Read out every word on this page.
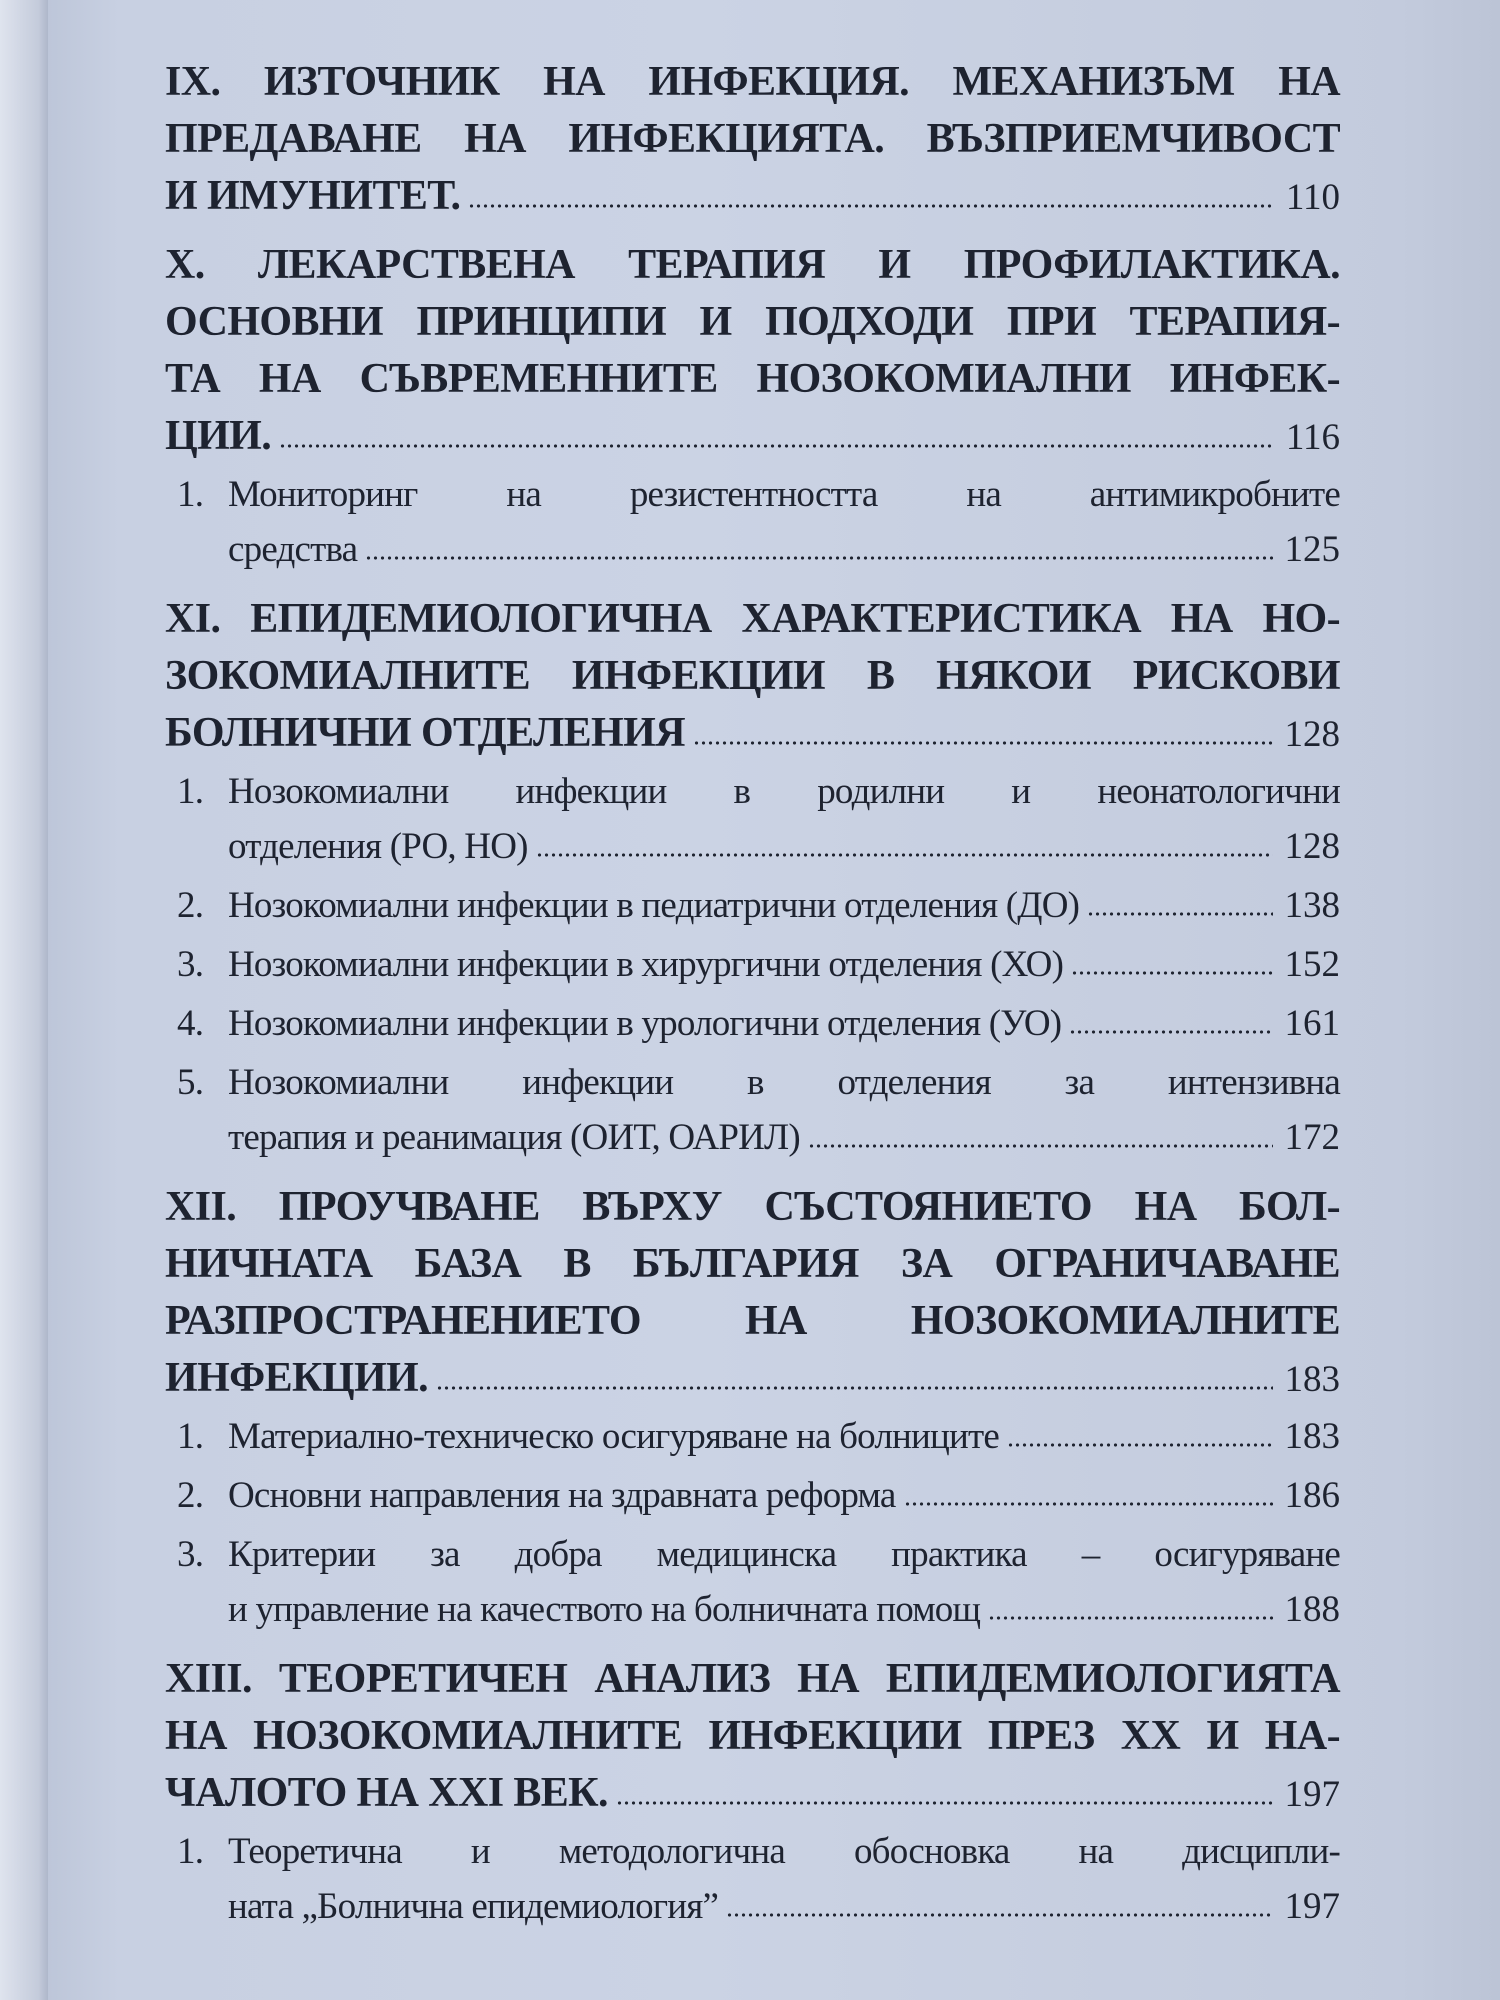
IX. ИЗТОЧНИК НА ИНФЕКЦИЯ. МЕХАНИЗЪМ НА
ПРЕДАВАНЕ НА ИНФЕКЦИЯТА. ВЪЗПРИЕМЧИВОСТ
И ИМУНИТЕТ.	110
X. ЛЕКАРСТВЕНА ТЕРАПИЯ И ПРОФИЛАКТИКА.
ОСНОВНИ ПРИНЦИПИ И ПОДХОДИ ПРИ ТЕРАПИЯ-
ТА НА СЪВРЕМЕННИТЕ НОЗОКОМИАЛНИ ИНФЕК-
ЦИИ.	116
1. Мониторинг на резистентността на антимикробните
средства	125
XI. ЕПИДЕМИОЛОГИЧНА ХАРАКТЕРИСТИКА НА НО-
ЗОКОМИАЛНИТЕ ИНФЕКЦИИ В НЯКОИ РИСКОВИ
БОЛНИЧНИ ОТДЕЛЕНИЯ	128
1. Нозокомиални инфекции в родилни и неонатологични
отделения (РО, НО)	128
2. Нозокомиални инфекции в педиатрични отделения (ДО)	138
3. Нозокомиални инфекции в хирургични отделения (ХО)	152
4. Нозокомиални инфекции в урологични отделения (УО)	161
5. Нозокомиални инфекции в отделения за интензивна
терапия и реанимация (ОИТ, ОАРИЛ)	172
XII. ПРОУЧВАНЕ ВЪРХУ СЪСТОЯНИЕТО НА БОЛ-
НИЧНАТА БАЗА В БЪЛГАРИЯ ЗА ОГРАНИЧАВАНЕ
РАЗПРОСТРАНЕНИЕТО НА НОЗОКОМИАЛНИТЕ
ИНФЕКЦИИ.	183
1. Материално-техническо осигуряване на болниците	183
2. Основни направления на здравната реформа	186
3. Критерии за добра медицинска практика – осигуряване
и управление на качеството на болничната помощ	188
XIII. ТЕОРЕТИЧЕН АНАЛИЗ НА ЕПИДЕМИОЛОГИЯТА
НА НОЗОКОМИАЛНИТЕ ИНФЕКЦИИ ПРЕЗ XX И НА-
ЧАЛОТО НА XXI ВЕК.	197
1. Теоретична и методологична обосновка на дисципли-
ната „Болнична епидемиология”	197
